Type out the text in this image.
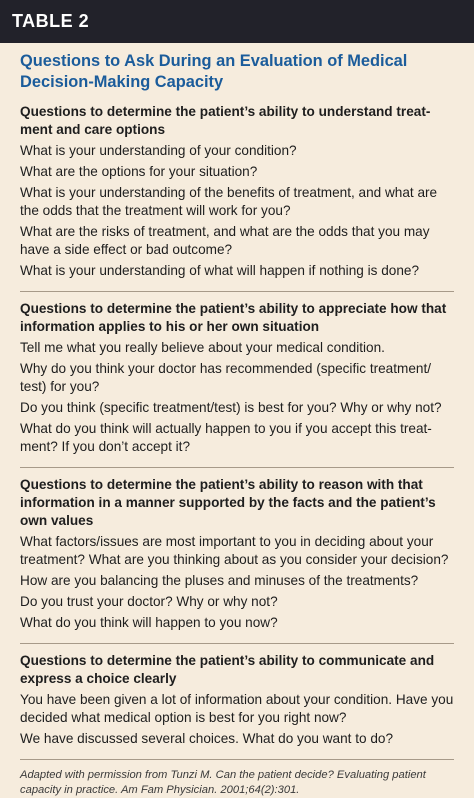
TABLE 2
Questions to Ask During an Evaluation of Medical Decision-Making Capacity
Questions to determine the patient’s ability to understand treat-ment and care options
What is your understanding of your condition?
What are the options for your situation?
What is your understanding of the benefits of treatment, and what are the odds that the treatment will work for you?
What are the risks of treatment, and what are the odds that you may have a side effect or bad outcome?
What is your understanding of what will happen if nothing is done?
Questions to determine the patient’s ability to appreciate how that information applies to his or her own situation
Tell me what you really believe about your medical condition.
Why do you think your doctor has recommended (specific treatment/ test) for you?
Do you think (specific treatment/test) is best for you? Why or why not?
What do you think will actually happen to you if you accept this treat-ment? If you don’t accept it?
Questions to determine the patient’s ability to reason with that information in a manner supported by the facts and the patient’s own values
What factors/issues are most important to you in deciding about your treatment? What are you thinking about as you consider your decision?
How are you balancing the pluses and minuses of the treatments?
Do you trust your doctor? Why or why not?
What do you think will happen to you now?
Questions to determine the patient’s ability to communicate and express a choice clearly
You have been given a lot of information about your condition. Have you decided what medical option is best for you right now?
We have discussed several choices. What do you want to do?
Adapted with permission from Tunzi M. Can the patient decide? Evaluating patient capacity in practice. Am Fam Physician. 2001;64(2):301.
